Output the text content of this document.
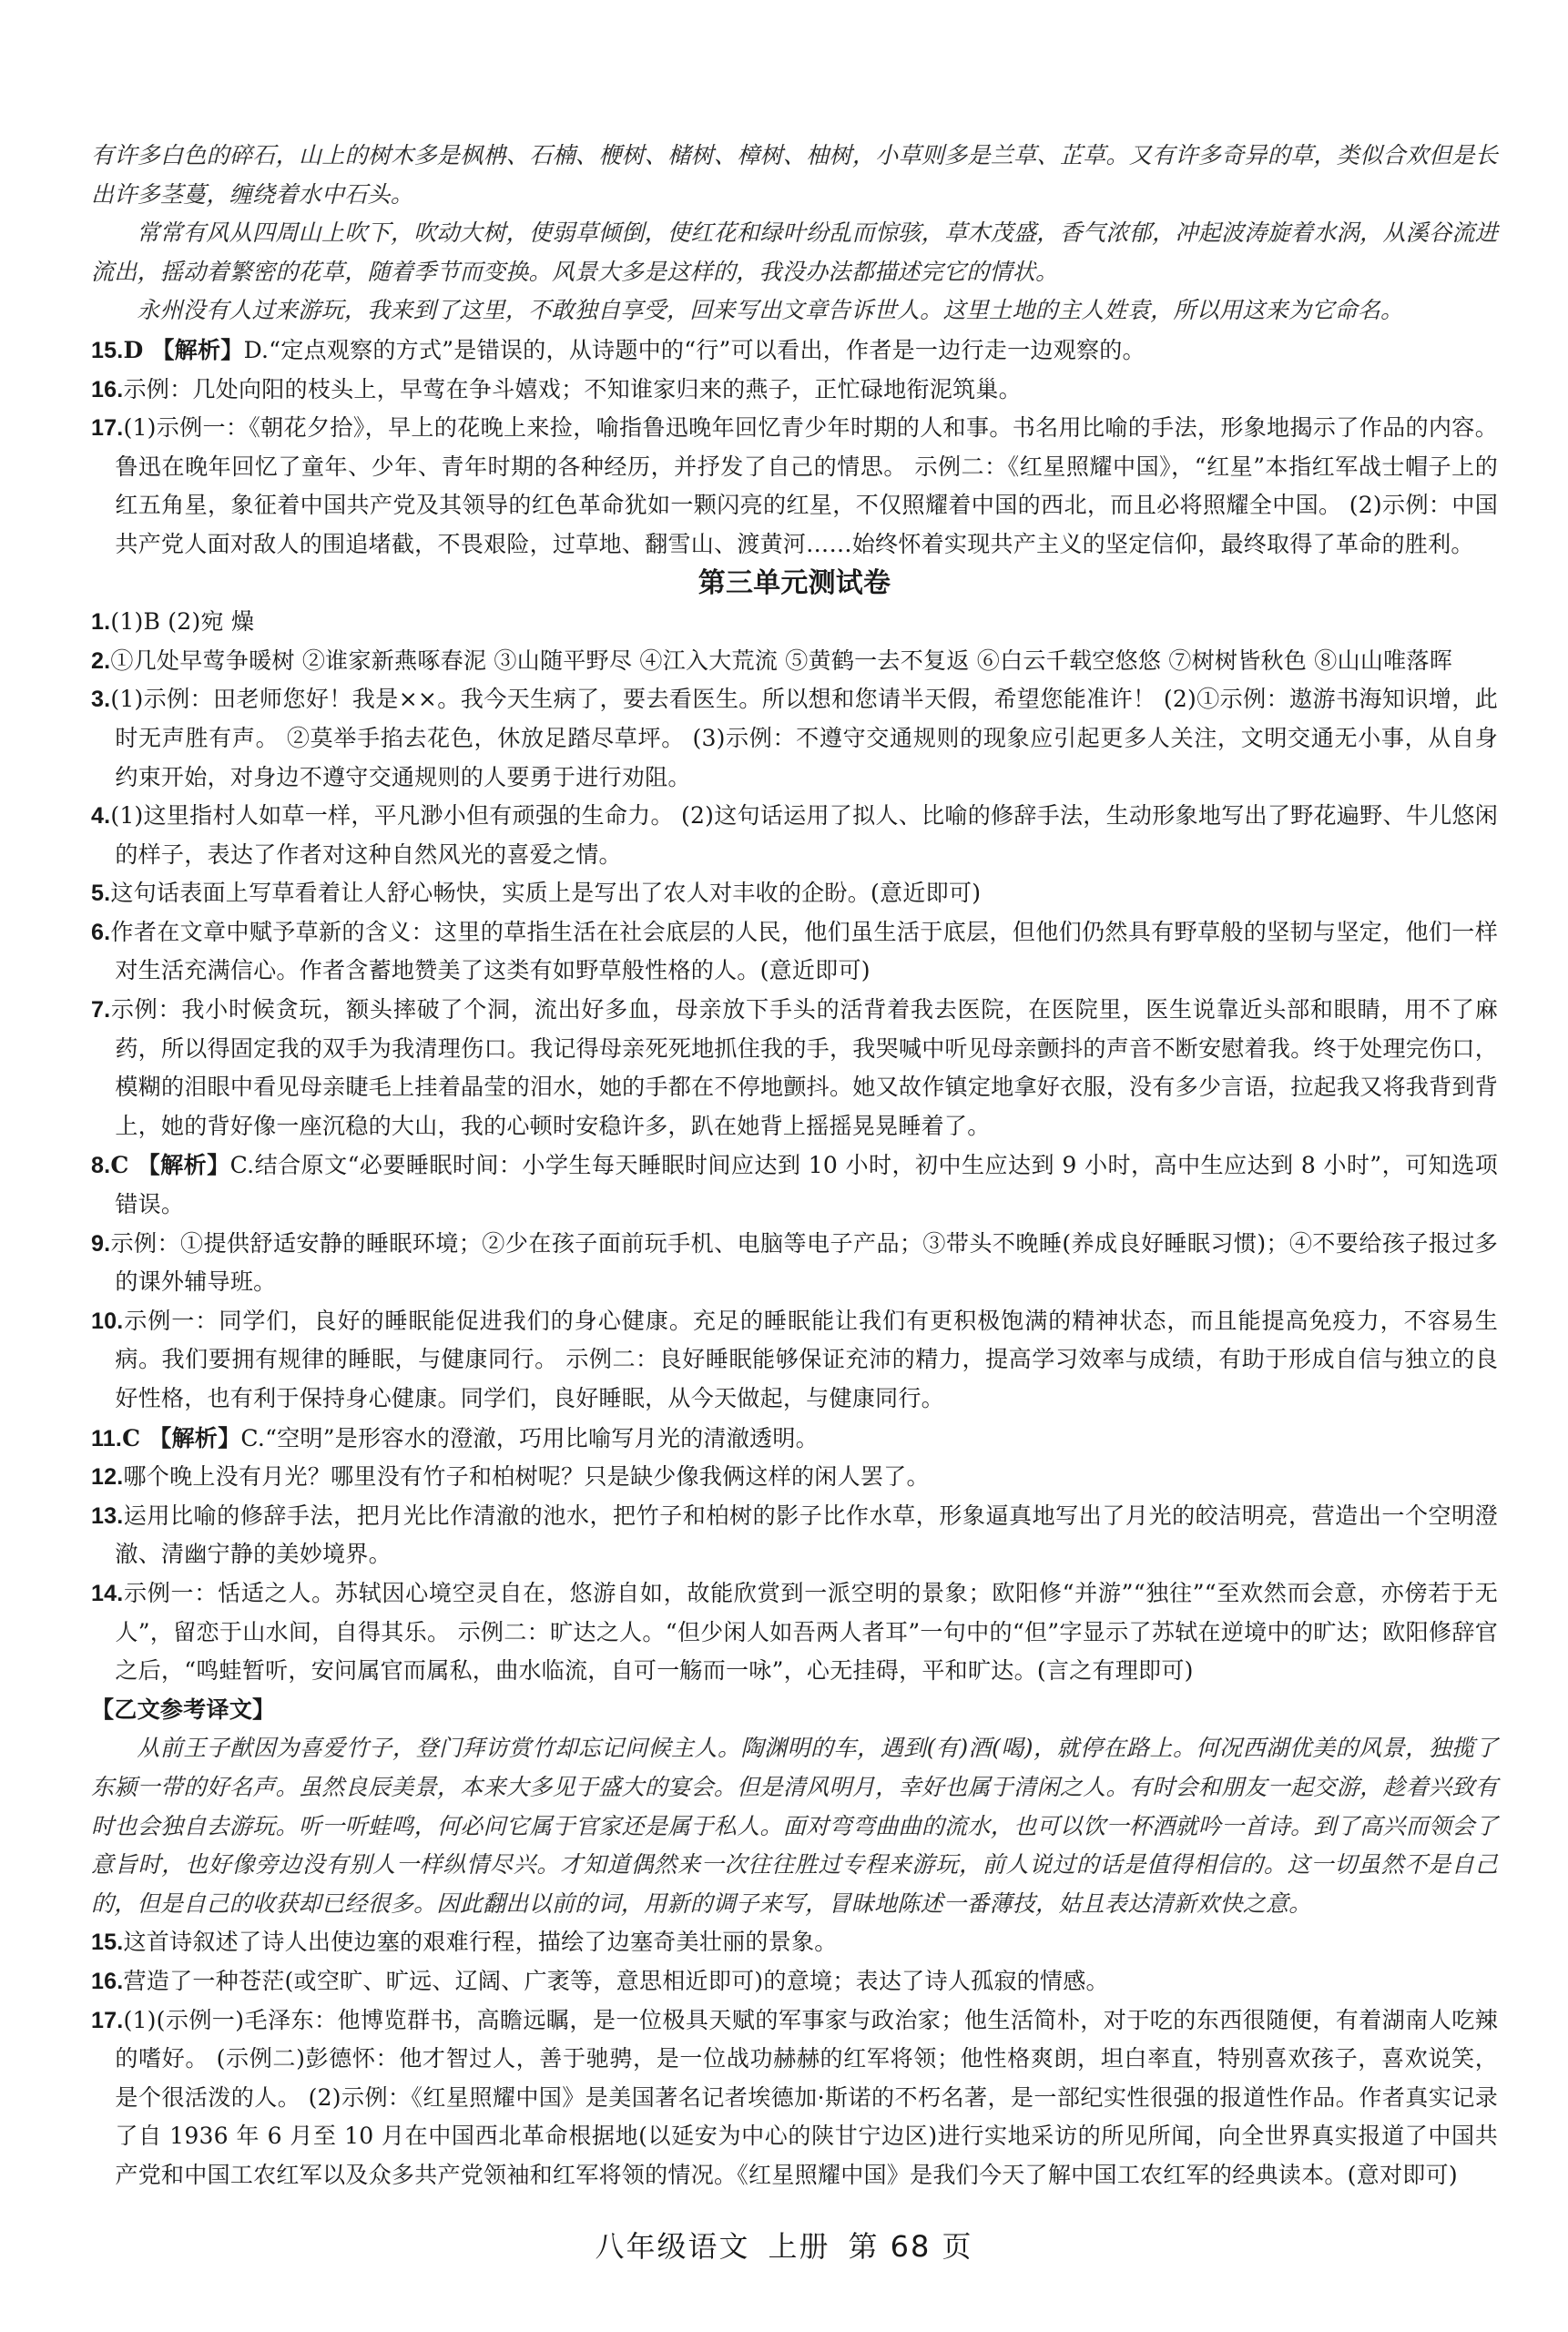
有许多白色的碎石，山上的树木多是枫柟、石楠、楩树、槠树、樟树、柚树，小草则多是兰草、芷草。又有许多奇异的草，类似合欢但是长出许多茎蔓，缠绕着水中石头。

常常有风从四周山上吹下，吹动大树，使弱草倾倒，使红花和绿叶纷乱而惊骇，草木茂盛，香气浓郁，冲起波涛旋着水涡，从溪谷流进流出，摇动着繁密的花草，随着季节而变换。风景大多是这样的，我没办法都描述完它的情状。

永州没有人过来游玩，我来到了这里，不敢独自享受，回来写出文章告诉世人。这里土地的主人姓袁，所以用这来为它命名。

15.D 【解析】D.“定点观察的方式”是错误的，从诗题中的“行”可以看出，作者是一边行走一边观察的。

16.示例：几处向阳的枝头上，早莺在争斗嬉戏；不知谁家归来的燕子，正忙碌地衔泥筑巢。

17.(1)示例一：《朝花夕拾》，早上的花晚上来捡，喻指鲁迅晚年回忆青少年时期的人和事。书名用比喻的手法，形象地揭示了作品的内容。鲁迅在晚年回忆了童年、少年、青年时期的各种经历，并抒发了自己的情思。 示例二：《红星照耀中国》，“红星”本指红军战士帽子上的红五角星，象征着中国共产党及其领导的红色革命犹如一颗闪亮的红星，不仅照耀着中国的西北，而且必将照耀全中国。 (2)示例：中国共产党人面对敌人的围追堵截，不畏艰险，过草地、翻雪山、渡黄河……始终怀着实现共产主义的坚定信仰，最终取得了革命的胜利。

第三单元测试卷

1.(1)B (2)宛 燥

2.①几处早莺争暖树 ②谁家新燕啄春泥 ③山随平野尽 ④江入大荒流 ⑤黄鹤一去不复返 ⑥白云千载空悠悠 ⑦树树皆秋色 ⑧山山唯落晖

3.(1)示例：田老师您好！我是××。我今天生病了，要去看医生。所以想和您请半天假，希望您能准许！ (2)①示例：遨游书海知识增，此时无声胜有声。 ②莫举手掐去花色，休放足踏尽草坪。 (3)示例：不遵守交通规则的现象应引起更多人关注，文明交通无小事，从自身约束开始，对身边不遵守交通规则的人要勇于进行劝阻。

4.(1)这里指村人如草一样，平凡渺小但有顽强的生命力。 (2)这句话运用了拟人、比喻的修辞手法，生动形象地写出了野花遍野、牛儿悠闲的样子，表达了作者对这种自然风光的喜爱之情。

5.这句话表面上写草看着让人舒心畅快，实质上是写出了农人对丰收的企盼。(意近即可)

6.作者在文章中赋予草新的含义：这里的草指生活在社会底层的人民，他们虽生活于底层，但他们仍然具有野草般的坚韧与坚定，他们一样对生活充满信心。作者含蓄地赞美了这类有如野草般性格的人。(意近即可)

7.示例：我小时候贪玩，额头摔破了个洞，流出好多血，母亲放下手头的活背着我去医院，在医院里，医生说靠近头部和眼睛，用不了麻药，所以得固定我的双手为我清理伤口。我记得母亲死死地抓住我的手，我哭喊中听见母亲颤抖的声音不断安慰着我。终于处理完伤口，模糊的泪眼中看见母亲睫毛上挂着晶莹的泪水，她的手都在不停地颤抖。她又故作镇定地拿好衣服，没有多少言语，拉起我又将我背到背上，她的背好像一座沉稳的大山，我的心顿时安稳许多，趴在她背上摇摇晃晃睡着了。

8.C 【解析】C.结合原文“必要睡眠时间：小学生每天睡眠时间应达到 10 小时，初中生应达到 9 小时，高中生应达到 8 小时”，可知选项错误。

9.示例：①提供舒适安静的睡眠环境；②少在孩子面前玩手机、电脑等电子产品；③带头不晚睡(养成良好睡眠习惯)；④不要给孩子报过多的课外辅导班。

10.示例一：同学们，良好的睡眠能促进我们的身心健康。充足的睡眠能让我们有更积极饱满的精神状态，而且能提高免疫力，不容易生病。我们要拥有规律的睡眠，与健康同行。 示例二：良好睡眠能够保证充沛的精力，提高学习效率与成绩，有助于形成自信与独立的良好性格，也有利于保持身心健康。同学们，良好睡眠，从今天做起，与健康同行。

11.C 【解析】C.“空明”是形容水的澄澈，巧用比喻写月光的清澈透明。

12.哪个晚上没有月光？哪里没有竹子和柏树呢？只是缺少像我俩这样的闲人罢了。

13.运用比喻的修辞手法，把月光比作清澈的池水，把竹子和柏树的影子比作水草，形象逼真地写出了月光的皎洁明亮，营造出一个空明澄澈、清幽宁静的美妙境界。

14.示例一：恬适之人。苏轼因心境空灵自在，悠游自如，故能欣赏到一派空明的景象；欧阳修“并游”“独往”“至欢然而会意，亦傍若于无人”，留恋于山水间，自得其乐。 示例二：旷达之人。“但少闲人如吾两人者耳”一句中的“但”字显示了苏轼在逆境中的旷达；欧阳修辞官之后，“鸣蛙暂听，安问属官而属私，曲水临流，自可一觞而一咏”，心无挂碍，平和旷达。(言之有理即可)

【乙文参考译文】

从前王子猷因为喜爱竹子，登门拜访赏竹却忘记问候主人。陶渊明的车，遇到(有)酒(喝)，就停在路上。何况西湖优美的风景，独揽了东颍一带的好名声。虽然良辰美景，本来大多见于盛大的宴会。但是清风明月，幸好也属于清闲之人。有时会和朋友一起交游，趁着兴致有时也会独自去游玩。听一听蛙鸣，何必问它属于官家还是属于私人。面对弯弯曲曲的流水，也可以饮一杯酒就吟一首诗。到了高兴而领会了意旨时，也好像旁边没有别人一样纵情尽兴。才知道偶然来一次往往胜过专程来游玩，前人说过的话是值得相信的。这一切虽然不是自己的，但是自己的收获却已经很多。因此翻出以前的词，用新的调子来写，冒昧地陈述一番薄技，姑且表达清新欢快之意。

15.这首诗叙述了诗人出使边塞的艰难行程，描绘了边塞奇美壮丽的景象。

16.营造了一种苍茫(或空旷、旷远、辽阔、广袤等，意思相近即可)的意境；表达了诗人孤寂的情感。

17.(1)(示例一)毛泽东：他博览群书，高瞻远瞩，是一位极具天赋的军事家与政治家；他生活简朴，对于吃的东西很随便，有着湖南人吃辣的嗜好。 (示例二)彭德怀：他才智过人，善于驰骋，是一位战功赫赫的红军将领；他性格爽朗，坦白率直，特别喜欢孩子，喜欢说笑，是个很活泼的人。 (2)示例：《红星照耀中国》是美国著名记者埃德加·斯诺的不朽名著，是一部纪实性很强的报道性作品。作者真实记录了自 1936 年 6 月至 10 月在中国西北革命根据地(以延安为中心的陕甘宁边区)进行实地采访的所见所闻，向全世界真实报道了中国共产党和中国工农红军以及众多共产党领袖和红军将领的情况。《红星照耀中国》是我们今天了解中国工农红军的经典读本。(意对即可)

八年级语文 上册 第 68 页
